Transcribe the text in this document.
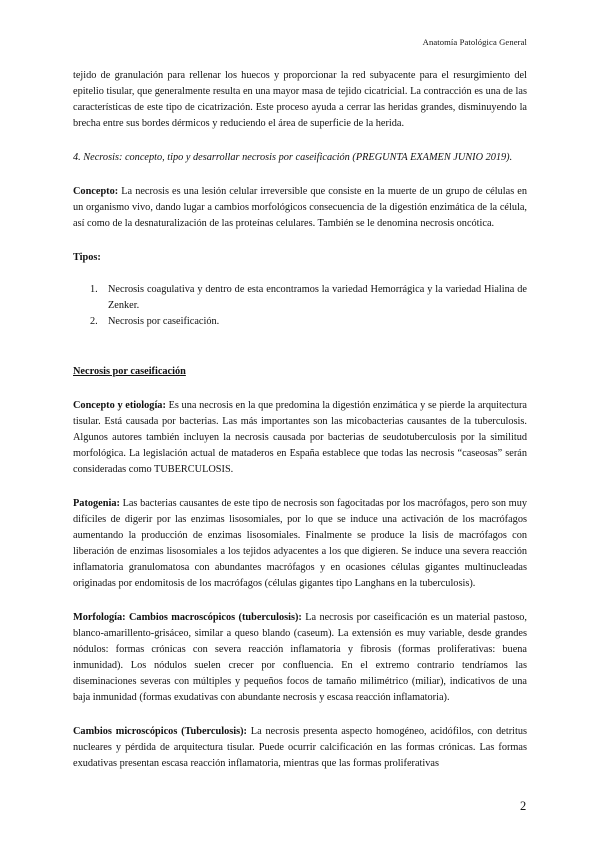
Anatomía Patológica General

tejido de granulación para rellenar los huecos y proporcionar la red subyacente para el resurgimiento del epitelio tisular, que generalmente resulta en una mayor masa de tejido cicatricial. La contracción es una de las características de este tipo de cicatrización. Este proceso ayuda a cerrar las heridas grandes, disminuyendo la brecha entre sus bordes dérmicos y reduciendo el área de superficie de la herida.

4. Necrosis: concepto, tipo y desarrollar necrosis por caseificación (PREGUNTA EXAMEN JUNIO 2019).

Concepto: La necrosis es una lesión celular irreversible que consiste en la muerte de un grupo de células en un organismo vivo, dando lugar a cambios morfológicos consecuencia de la digestión enzimática de la célula, así como de la desnaturalización de las proteínas celulares. También se le denomina necrosis oncótica.

Tipos:

1. Necrosis coagulativa y dentro de esta encontramos la variedad Hemorrágica y la variedad Hialina de Zenker.
2. Necrosis por caseificación.

Necrosis por caseificación

Concepto y etiología: Es una necrosis en la que predomina la digestión enzimática y se pierde la arquitectura tisular. Está causada por bacterias. Las más importantes son las micobacterias causantes de la tuberculosis. Algunos autores también incluyen la necrosis causada por bacterias de seudotuberculosis por la similitud morfológica. La legislación actual de mataderos en España establece que todas las necrosis “caseosas” serán consideradas como TUBERCULOSIS.

Patogenia: Las bacterias causantes de este tipo de necrosis son fagocitadas por los macrófagos, pero son muy difíciles de digerir por las enzimas lisosomiales, por lo que se induce una activación de los macrófagos aumentando la producción de enzimas lisosomiales. Finalmente se produce la lisis de macrófagos con liberación de enzimas lisosomiales a los tejidos adyacentes a los que digieren. Se induce una severa reacción inflamatoria granulomatosa con abundantes macrófagos y en ocasiones células gigantes multinucleadas originadas por endomitosis de los macrófagos (células gigantes tipo Langhans en la tuberculosis).

Morfología: Cambios macroscópicos (tuberculosis): La necrosis por caseificación es un material pastoso, blanco-amarillento-grisáceo, similar a queso blando (caseum). La extensión es muy variable, desde grandes nódulos: formas crónicas con severa reacción inflamatoria y fibrosis (formas proliferativas: buena inmunidad). Los nódulos suelen crecer por confluencia. En el extremo contrario tendríamos las diseminaciones severas con múltiples y pequeños focos de tamaño milimétrico (miliar), indicativos de una baja inmunidad (formas exudativas con abundante necrosis y escasa reacción inflamatoria).

Cambios microscópicos (Tuberculosis): La necrosis presenta aspecto homogéneo, acidófilos, con detritus nucleares y pérdida de arquitectura tisular. Puede ocurrir calcificación en las formas crónicas. Las formas exudativas presentan escasa reacción inflamatoria, mientras que las formas proliferativas

2
